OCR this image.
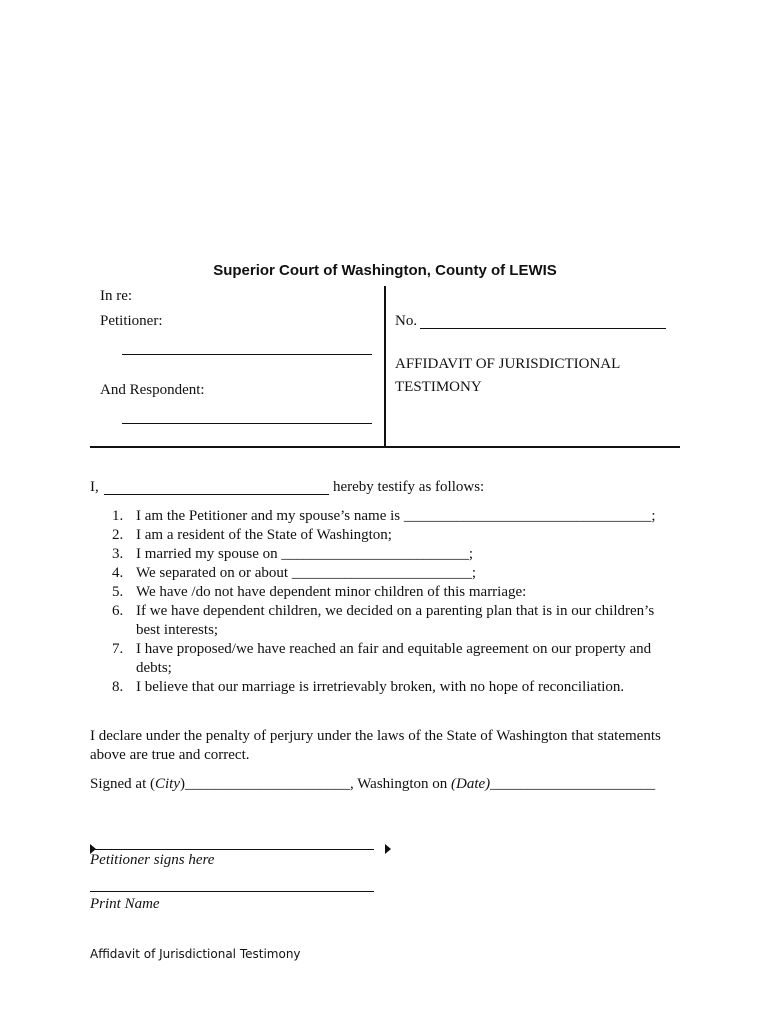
Superior Court of Washington, County of LEWIS
In re:
Petitioner:
And Respondent:
No.
AFFIDAVIT OF JURISDICTIONAL
TESTIMONY
I,	hereby testify as follows:
1. I am the Petitioner and my spouse’s name is _________________________________;
2. I am a resident of the State of Washington;
3. I married my spouse on _________________________;
4. We separated on or about ________________________;
5. We have /do not have dependent minor children of this marriage:
6. If we have dependent children, we decided on a parenting plan that is in our children’s best interests;
7. I have proposed/we have reached an fair and equitable agreement on our property and debts;
8. I believe that our marriage is irretrievably broken, with no hope of reconciliation.
I declare under the penalty of perjury under the laws of the State of Washington that statements above are true and correct.
Signed at (City)______________________, Washington on (Date)______________________
Petitioner signs here
Print Name
Affidavit of Jurisdictional Testimony
